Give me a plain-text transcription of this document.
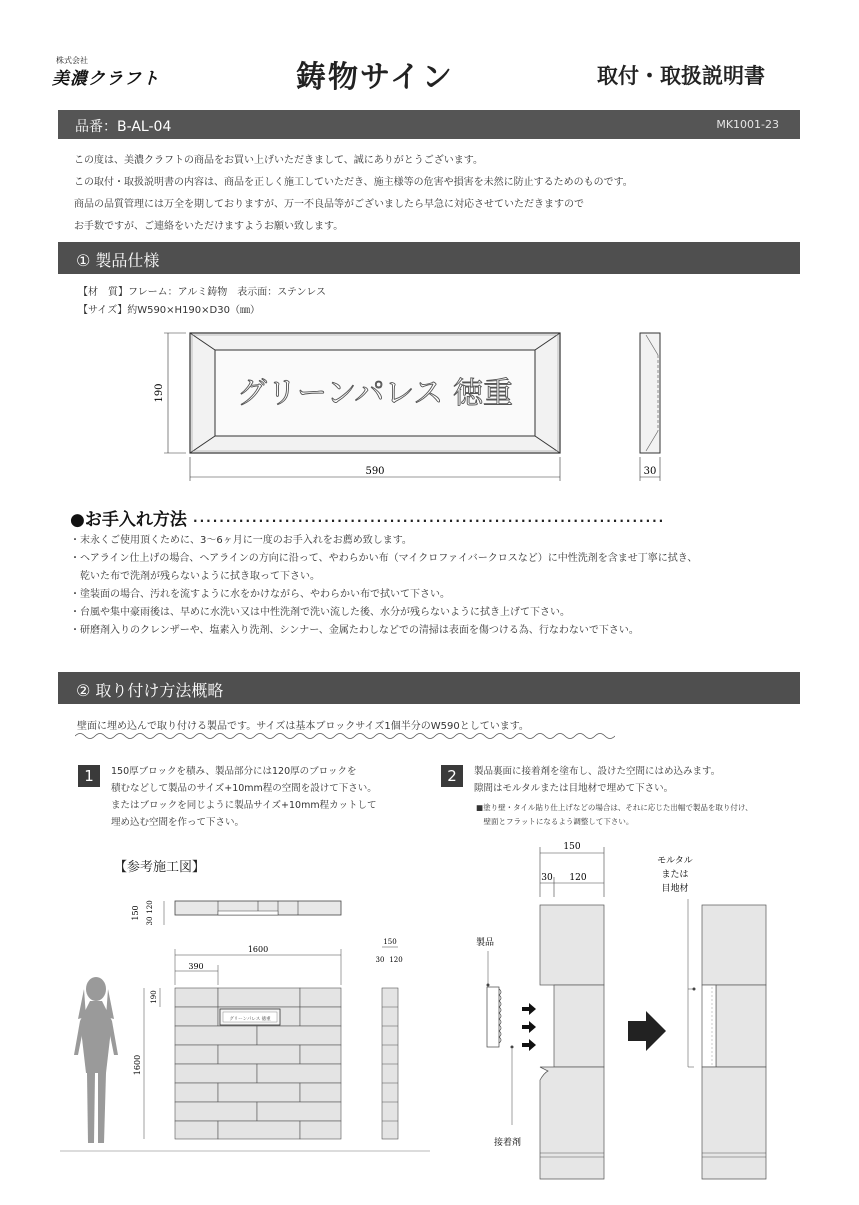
株式会社
美濃クラフト	鋳物サイン	取付・取扱説明書
品番：B-AL-04	MK1001-23
この度は、美濃クラフトの商品をお買い上げいただきまして、誠にありがとうございます。
この取付・取扱説明書の内容は、商品を正しく施工していただき、施主様等の危害や損害を未然に防止するためのものです。
商品の品質管理には万全を期しておりますが、万一不良品等がございましたら早急に対応させていただきますので
お手数ですが、ご連絡をいただけますようお願い致します。
① 製品仕様
【材　質】フレーム：アルミ鋳物　表示面：ステンレス
【サイズ】約W590×H190×D30（㎜）
グリーンパレス 徳重
190
590	30
●お手入れ方法 ········································································
・末永くご使用頂くために、3～6ヶ月に一度のお手入れをお薦め致します。
・ヘアライン仕上げの場合、ヘアラインの方向に沿って、やわらかい布（マイクロファイバークロスなど）に中性洗剤を含ませ丁寧に拭き、
　乾いた布で洗剤が残らないように拭き取って下さい。
・塗装面の場合、汚れを流すように水をかけながら、やわらかい布で拭いて下さい。
・台風や集中豪雨後は、早めに水洗い又は中性洗剤で洗い流した後、水分が残らないように拭き上げて下さい。
・研磨剤入りのクレンザーや、塩素入り洗剤、シンナー、金属たわしなどでの清掃は表面を傷つける為、行なわないで下さい。
② 取り付け方法概略
壁面に埋め込んで取り付ける製品です。サイズは基本ブロックサイズ1個半分のW590としています。
1	150厚ブロックを積み、製品部分には120厚のブロックを
積むなどして製品のサイズ+10mm程の空間を設けて下さい。
またはブロックを同じように製品サイズ+10mm程カットして
埋め込む空間を作って下さい。
2	製品裏面に接着剤を塗布し、設けた空間にはめ込みます。
隙間はモルタルまたは目地材で埋めて下さい。
■塗り壁・タイル貼り仕上げなどの場合は、それに応じた出幅で製品を取り付け、
　壁面とフラットになるよう調整して下さい。
【参考施工図】
150 120
30
1600
390
グリーンパレス 徳重
190
1600
150
30 120
150
30 120
製品
接着剤
モルタル
または
目地材
